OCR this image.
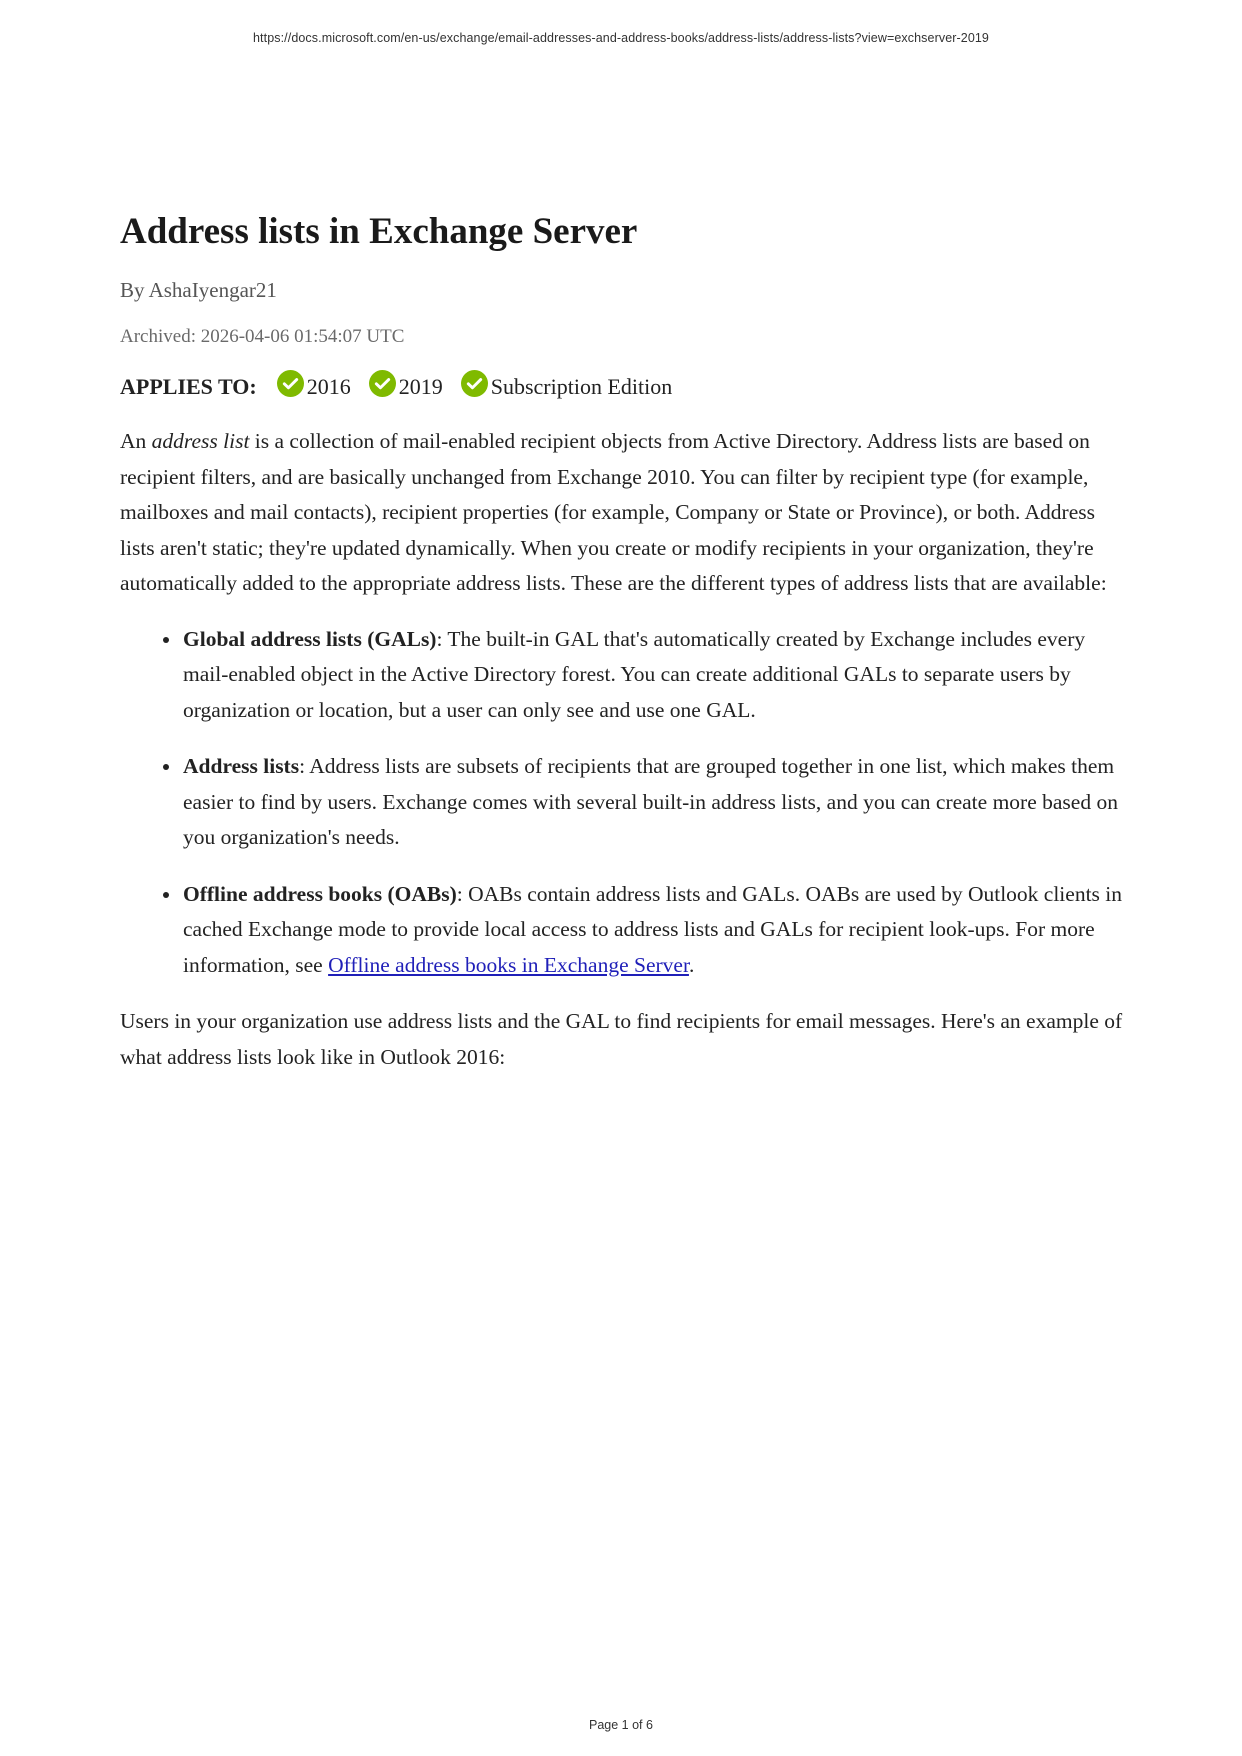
https://docs.microsoft.com/en-us/exchange/email-addresses-and-address-books/address-lists/address-lists?view=exchserver-2019
Address lists in Exchange Server
By AshaIyengar21
Archived: 2026-04-06 01:54:07 UTC
APPLIES TO: 2016 2019 Subscription Edition

An address list is a collection of mail-enabled recipient objects from Active Directory. Address lists are based on recipient filters, and are basically unchanged from Exchange 2010. You can filter by recipient type (for example, mailboxes and mail contacts), recipient properties (for example, Company or State or Province), or both. Address lists aren't static; they're updated dynamically. When you create or modify recipients in your organization, they're automatically added to the appropriate address lists. These are the different types of address lists that are available:

Global address lists (GALs): The built-in GAL that's automatically created by Exchange includes every mail-enabled object in the Active Directory forest. You can create additional GALs to separate users by organization or location, but a user can only see and use one GAL.
Address lists: Address lists are subsets of recipients that are grouped together in one list, which makes them easier to find by users. Exchange comes with several built-in address lists, and you can create more based on you organization's needs.
Offline address books (OABs): OABs contain address lists and GALs. OABs are used by Outlook clients in cached Exchange mode to provide local access to address lists and GALs for recipient look-ups. For more information, see Offline address books in Exchange Server.

Users in your organization use address lists and the GAL to find recipients for email messages. Here's an example of what address lists look like in Outlook 2016:

Page 1 of 6
